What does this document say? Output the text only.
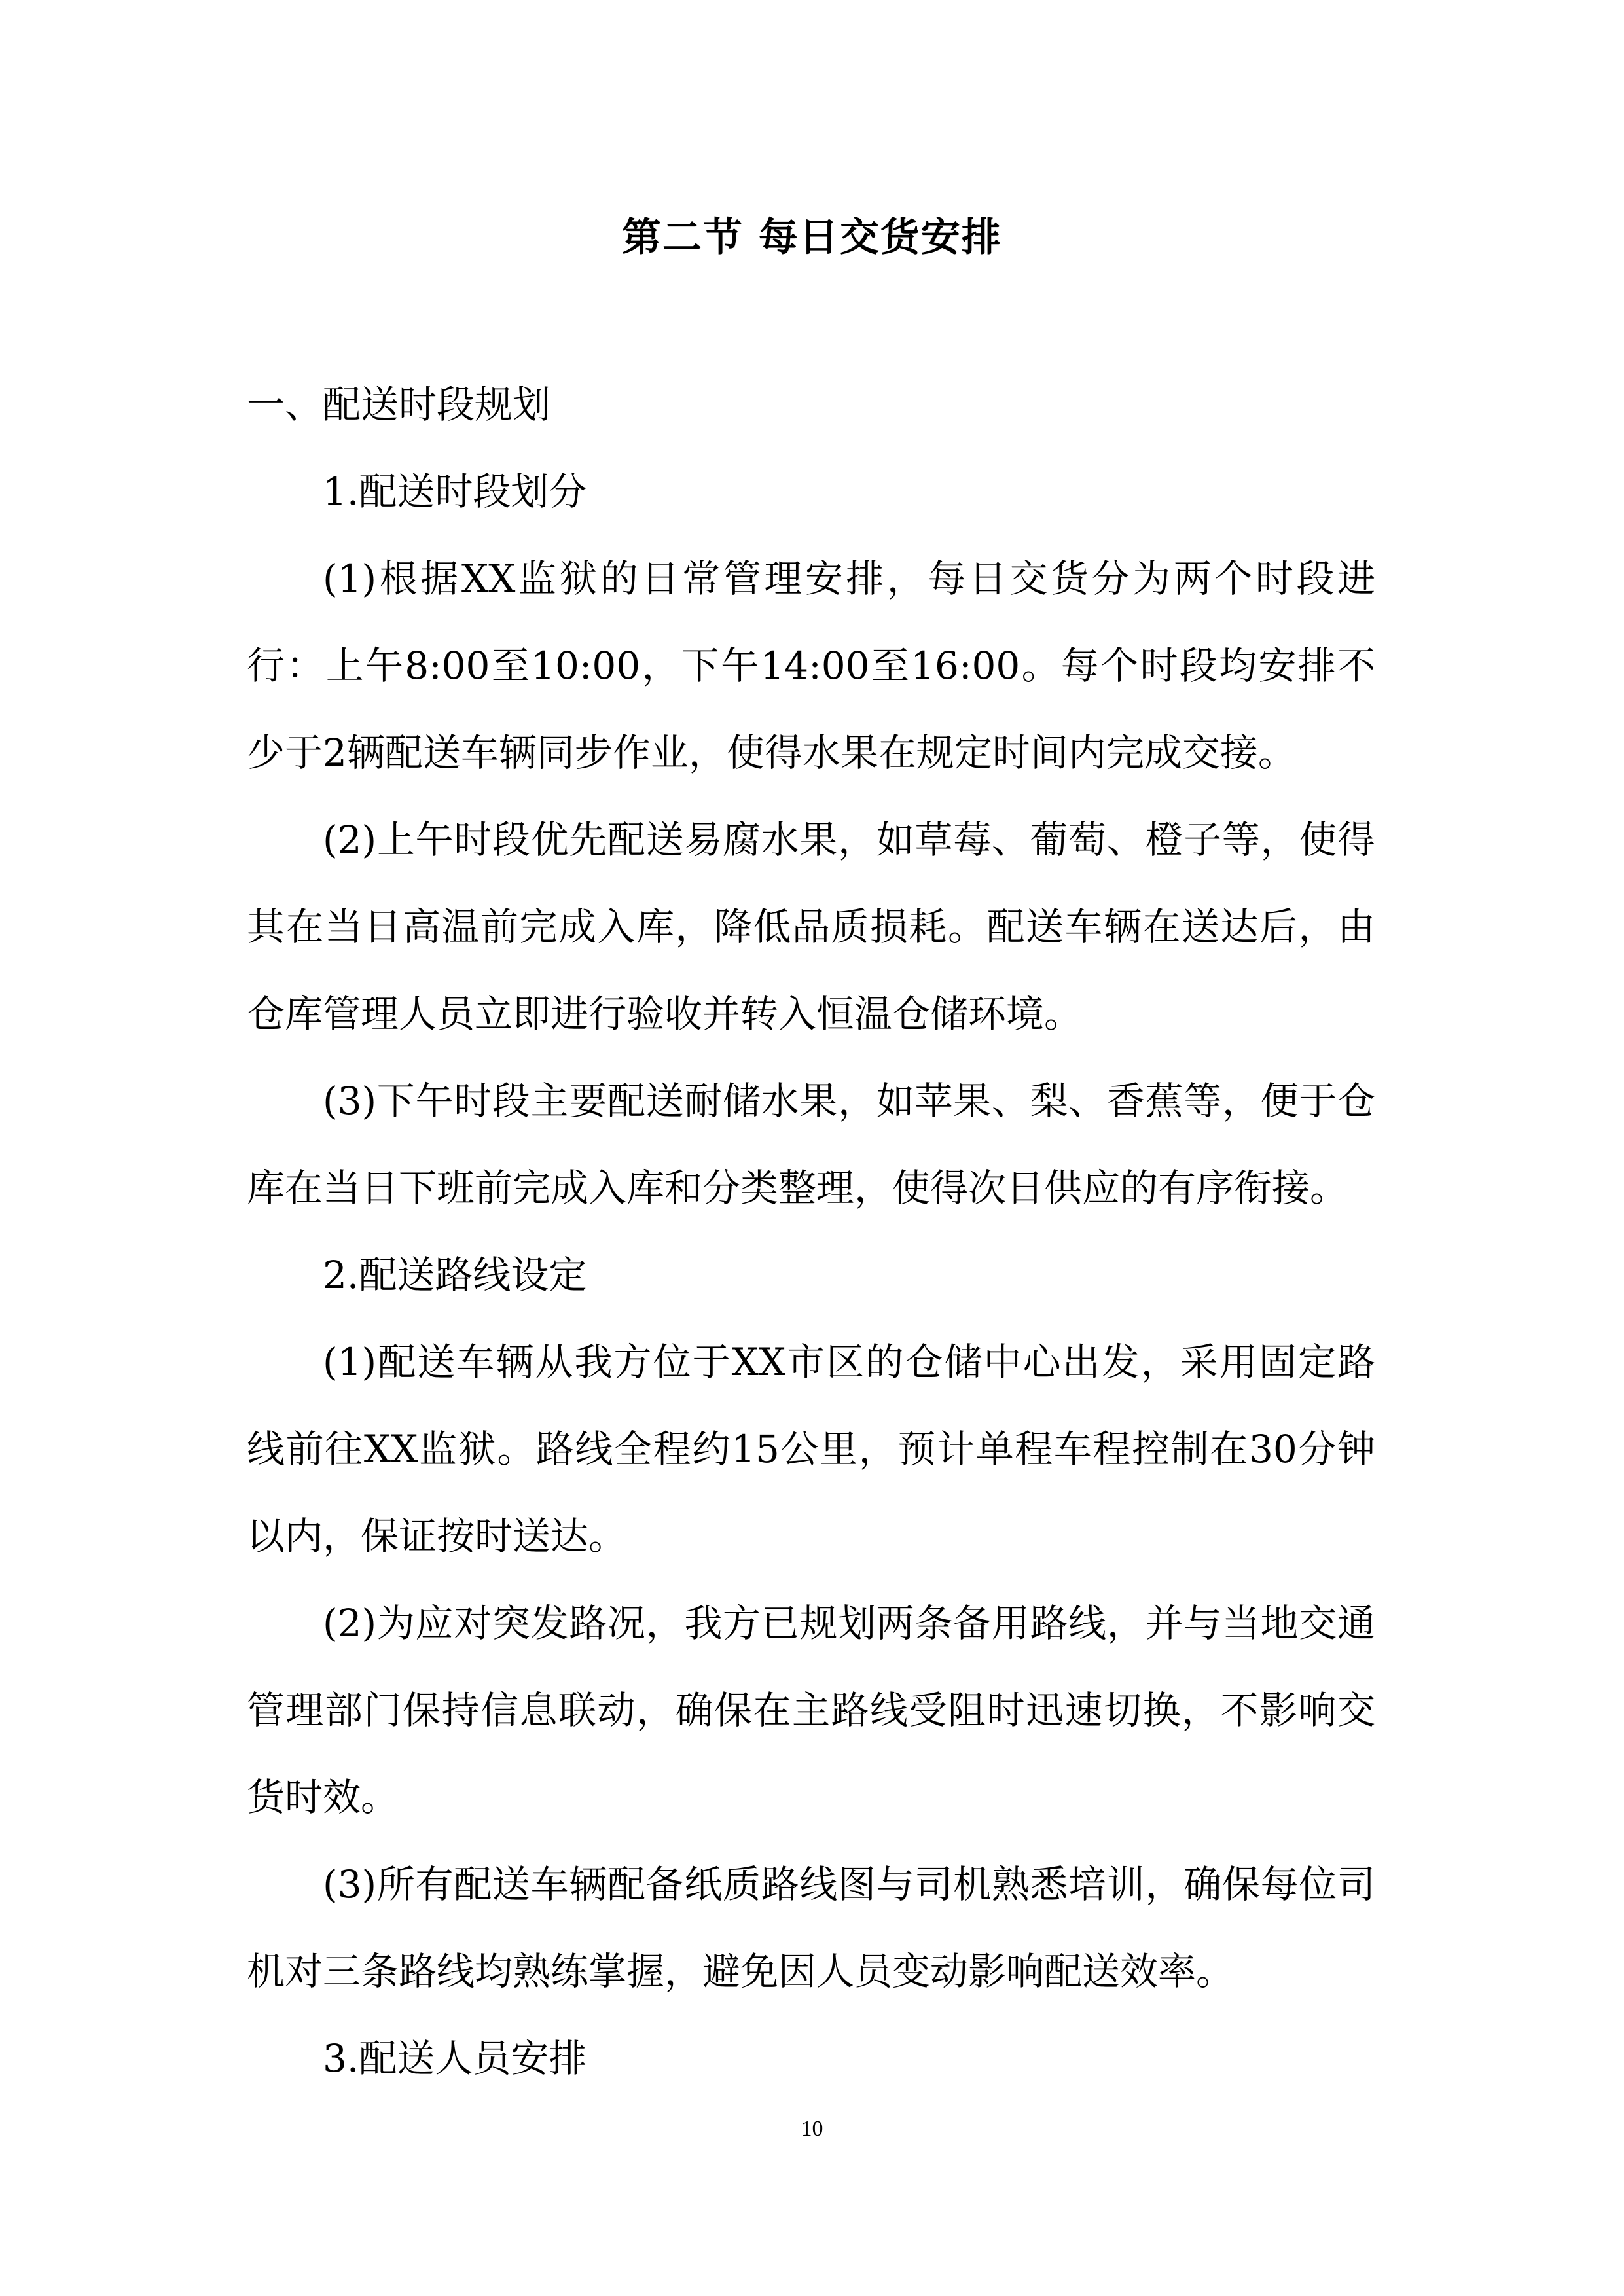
第二节 每日交货安排

一、配送时段规划

1.配送时段划分

(1)根据XX监狱的日常管理安排，每日交货分为两个时段进行：上午8:00至10:00，下午14:00至16:00。每个时段均安排不少于2辆配送车辆同步作业，使得水果在规定时间内完成交接。

(2)上午时段优先配送易腐水果，如草莓、葡萄、橙子等，使得其在当日高温前完成入库，降低品质损耗。配送车辆在送达后，由仓库管理人员立即进行验收并转入恒温仓储环境。

(3)下午时段主要配送耐储水果，如苹果、梨、香蕉等，便于仓库在当日下班前完成入库和分类整理，使得次日供应的有序衔接。

2.配送路线设定

(1)配送车辆从我方位于XX市区的仓储中心出发，采用固定路线前往XX监狱。路线全程约15公里，预计单程车程控制在30分钟以内，保证按时送达。

(2)为应对突发路况，我方已规划两条备用路线，并与当地交通管理部门保持信息联动，确保在主路线受阻时迅速切换，不影响交货时效。

(3)所有配送车辆配备纸质路线图与司机熟悉培训，确保每位司机对三条路线均熟练掌握，避免因人员变动影响配送效率。

3.配送人员安排

10
